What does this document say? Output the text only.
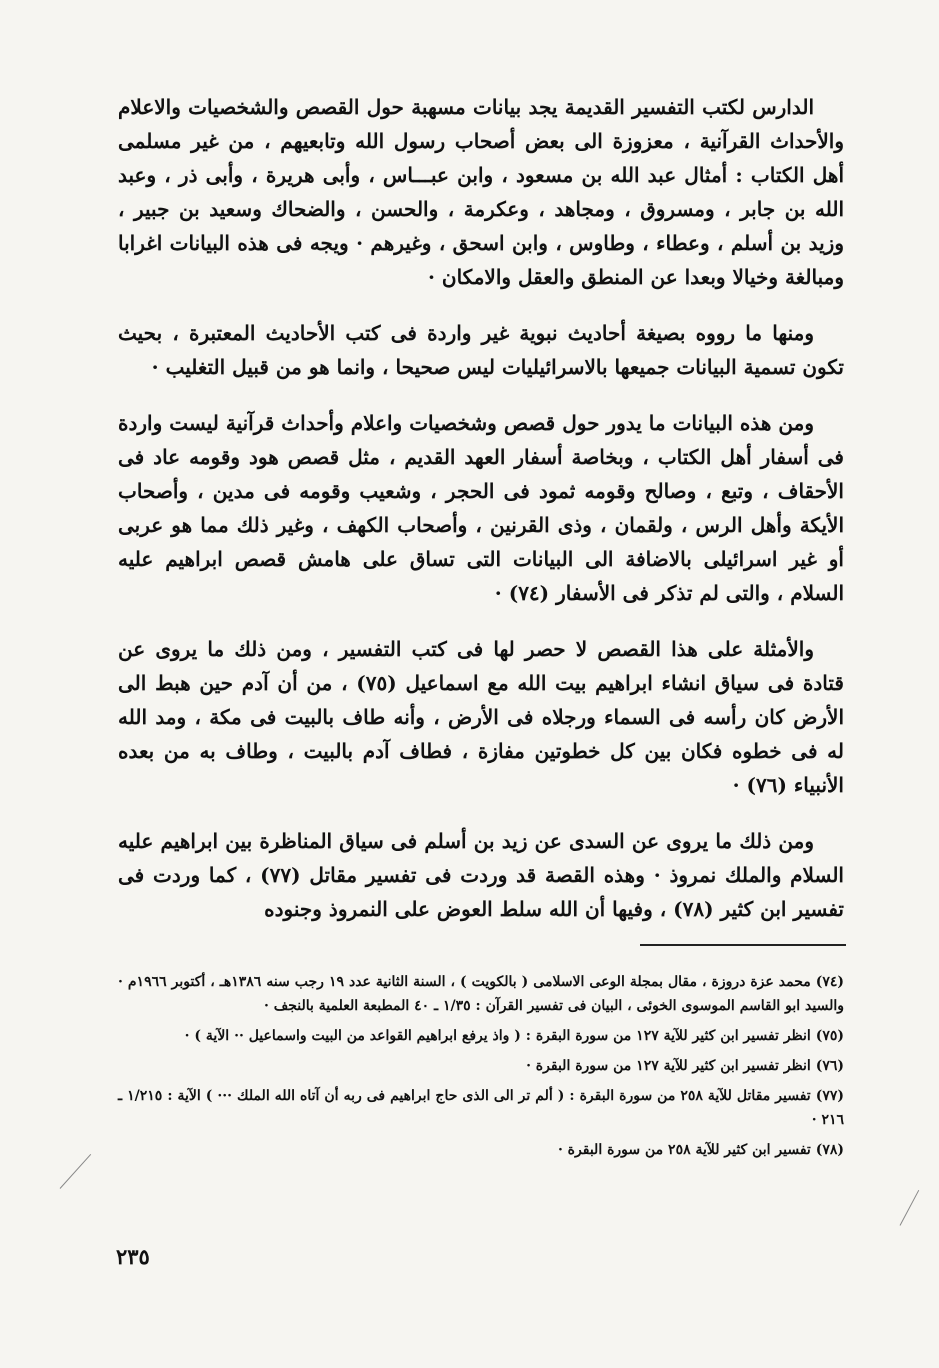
الدارس لكتب التفسير القديمة يجد بيانات مسهبة حول القصص والشخصيات والاعلام والأحداث القرآنية ، معزوزة الى بعض أصحاب رسول الله وتابعيهم ، من غير مسلمى أهل الكتاب : أمثال عبد الله بن مسعود ، وابن عبـــاس ، وأبى هريرة ، وأبى ذر ، وعبد الله بن جابر ، ومسروق ، ومجاهد ، وعكرمة ، والحسن ، والضحاك وسعيد بن جبير ، وزيد بن أسلم ، وعطاء ، وطاوس ، وابن اسحق ، وغيرهم · ويجه فى هذه البيانات اغرابا ومبالغة وخيالا وبعدا عن المنطق والعقل والامكان ·

ومنها ما رووه بصيغة أحاديث نبوية غير واردة فى كتب الأحاديث المعتبرة ، بحيث تكون تسمية البيانات جميعها بالاسرائيليات ليس صحيحا ، وانما هو من قبيل التغليب ·

ومن هذه البيانات ما يدور حول قصص وشخصيات واعلام وأحداث قرآنية ليست واردة فى أسفار أهل الكتاب ، وبخاصة أسفار العهد القديم ، مثل قصص هود وقومه عاد فى الأحقاف ، وتبع ، وصالح وقومه ثمود فى الحجر ، وشعيب وقومه فى مدين ، وأصحاب الأيكة وأهل الرس ، ولقمان ، وذى القرنين ، وأصحاب الكهف ، وغير ذلك مما هو عربى أو غير اسرائيلى بالاضافة الى البيانات التى تساق على هامش قصص ابراهيم عليه السلام ، والتى لم تذكر فى الأسفار (٧٤) ·

والأمثلة على هذا القصص لا حصر لها فى كتب التفسير ، ومن ذلك ما يروى عن قتادة فى سياق انشاء ابراهيم بيت الله مع اسماعيل (٧٥) ، من أن آدم حين هبط الى الأرض كان رأسه فى السماء ورجلاه فى الأرض ، وأنه طاف بالبيت فى مكة ، ومد الله له فى خطوه فكان بين كل خطوتين مفازة ، فطاف آدم بالبيت ، وطاف به من بعده الأنبياء (٧٦) ·

ومن ذلك ما يروى عن السدى عن زيد بن أسلم فى سياق المناظرة بين ابراهيم عليه السلام والملك نمروذ · وهذه القصة قد وردت فى تفسير مقاتل (٧٧) ، كما وردت فى تفسير ابن كثير (٧٨) ، وفيها أن الله سلط العوض على النمروذ وجنوده

(٧٤) محمد عزة دروزة ، مقال بمجلة الوعى الاسلامى ( بالكويت ) ، السنة الثانية عدد ١٩ رجب سنه ١٣٨٦هـ ، أكتوبر ١٩٦٦م · والسيد ابو القاسم الموسوى الخوئى ، البيان فى تفسير القرآن : ١/٣٥ ـ ٤٠ المطبعة العلمية بالنجف ·

(٧٥) انظر تفسير ابن كثير للآية ١٢٧ من سورة البقرة : ( واذ يرفع ابراهيم القواعد من البيت واسماعيل ·· الآية ) ·

(٧٦) انظر تفسير ابن كثير للآية ١٢٧ من سورة البقرة ·

(٧٧) تفسير مقاتل للآية ٢٥٨ من سورة البقرة : ( ألم تر الى الذى حاج ابراهيم فى ربه أن آتاه الله الملك ··· ) الآية : ١/٢١٥ ـ ٢١٦ ·

(٧٨) تفسير ابن كثير للآية ٢٥٨ من سورة البقرة ·

٢٣٥
